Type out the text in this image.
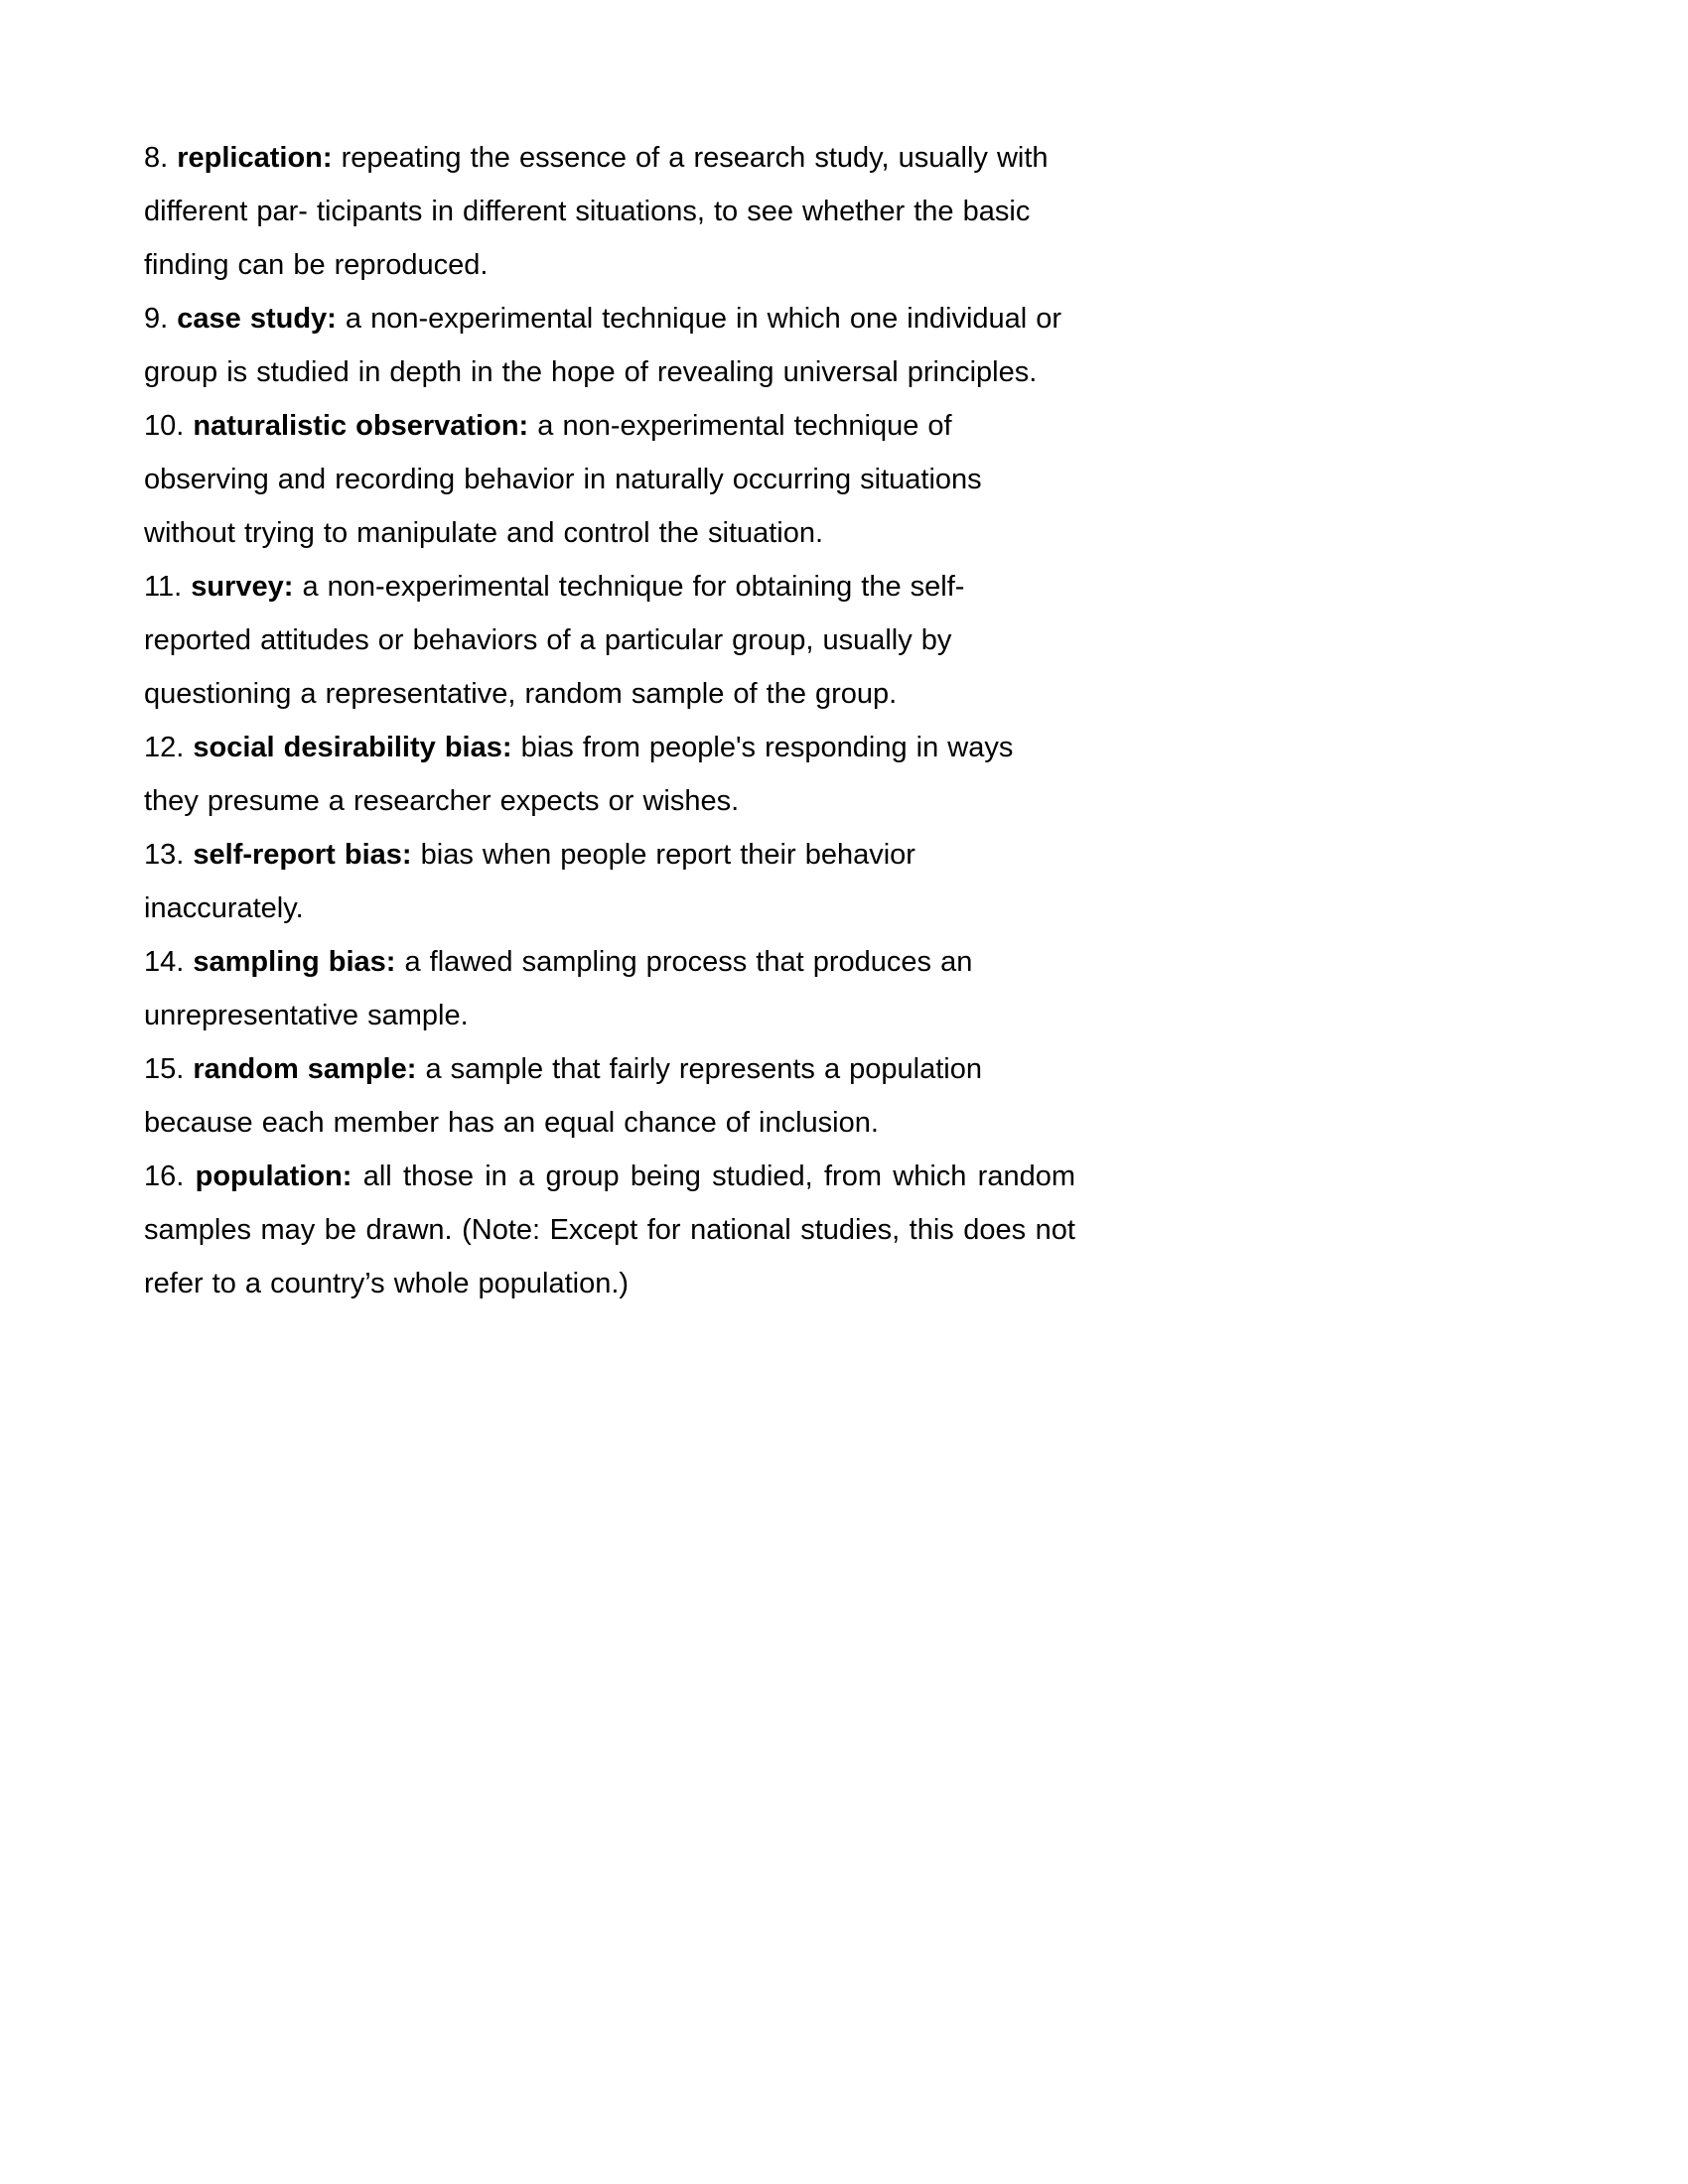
8. replication: repeating the essence of a research study, usually with different par- ticipants in different situations, to see whether the basic finding can be reproduced.

9. case study: a non-experimental technique in which one individual or group is studied in depth in the hope of revealing universal principles.

10. naturalistic observation: a non-experimental technique of observing and recording behavior in naturally occurring situations without trying to manipulate and control the situation.

11. survey: a non-experimental technique for obtaining the self- reported attitudes or behaviors of a particular group, usually by questioning a representative, random sample of the group.

12. social desirability bias: bias from people's responding in ways they presume a researcher expects or wishes.

13. self-report bias: bias when people report their behavior inaccurately.

14. sampling bias: a flawed sampling process that produces an unrepresentative sample.

15. random sample: a sample that fairly represents a population because each member has an equal chance of inclusion.

16. population: all those in a group being studied, from which random samples may be drawn. (Note: Except for national studies, this does not refer to a country’s whole population.)
